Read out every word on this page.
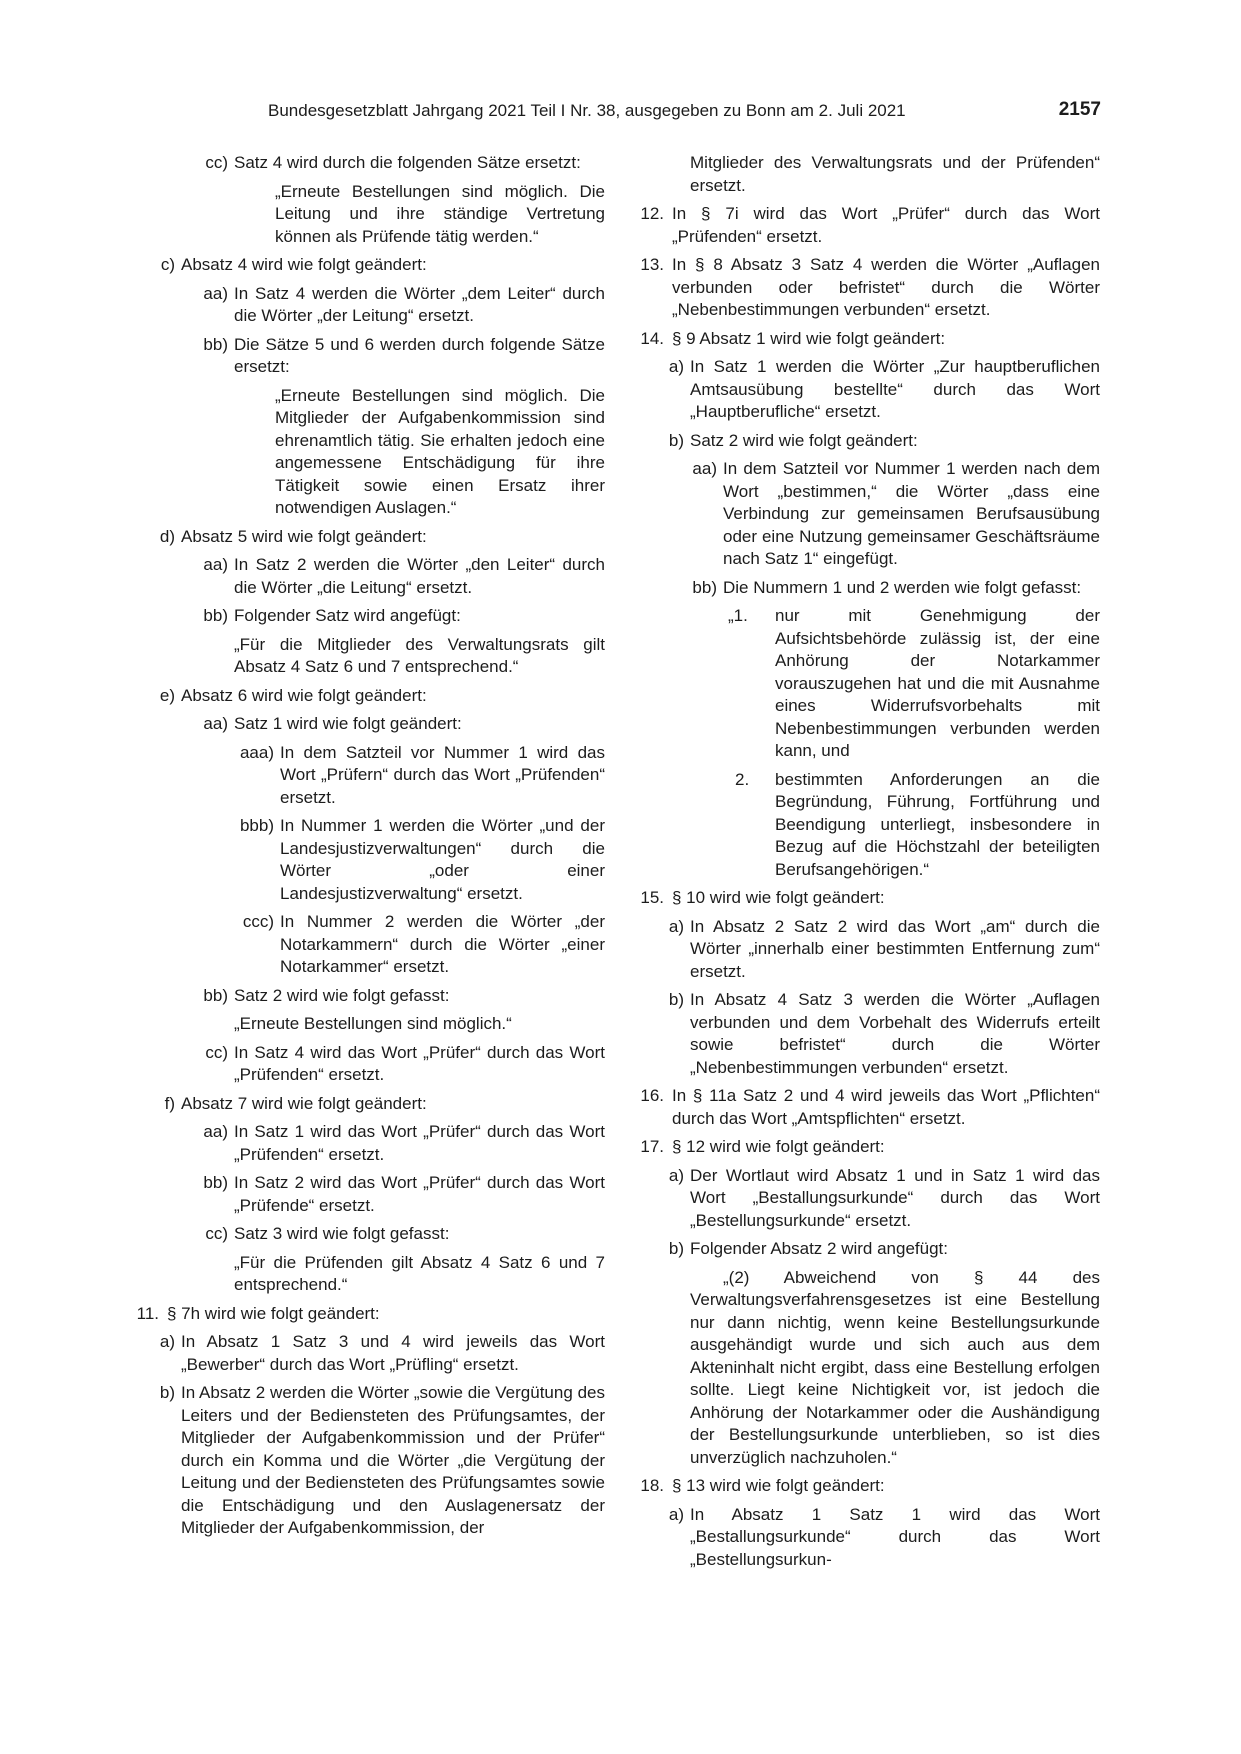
Bundesgesetzblatt Jahrgang 2021 Teil I Nr. 38, ausgegeben zu Bonn am 2. Juli 2021	2157
cc) Satz 4 wird durch die folgenden Sätze ersetzt:
„Erneute Bestellungen sind möglich. Die Leitung und ihre ständige Vertretung können als Prüfende tätig werden.“
c) Absatz 4 wird wie folgt geändert:
aa) In Satz 4 werden die Wörter „dem Leiter“ durch die Wörter „der Leitung“ ersetzt.
bb) Die Sätze 5 und 6 werden durch folgende Sätze ersetzt:
„Erneute Bestellungen sind möglich. Die Mitglieder der Aufgabenkommission sind ehrenamtlich tätig. Sie erhalten jedoch eine angemessene Entschädigung für ihre Tätigkeit sowie einen Ersatz ihrer notwendigen Auslagen.“
d) Absatz 5 wird wie folgt geändert:
aa) In Satz 2 werden die Wörter „den Leiter“ durch die Wörter „die Leitung“ ersetzt.
bb) Folgender Satz wird angefügt:
„Für die Mitglieder des Verwaltungsrats gilt Absatz 4 Satz 6 und 7 entsprechend.“
e) Absatz 6 wird wie folgt geändert:
aa) Satz 1 wird wie folgt geändert:
aaa) In dem Satzteil vor Nummer 1 wird das Wort „Prüfern“ durch das Wort „Prüfenden“ ersetzt.
bbb) In Nummer 1 werden die Wörter „und der Landesjustizverwaltungen“ durch die Wörter „oder einer Landesjustizverwaltung“ ersetzt.
ccc) In Nummer 2 werden die Wörter „der Notarkammern“ durch die Wörter „einer Notarkammer“ ersetzt.
bb) Satz 2 wird wie folgt gefasst:
„Erneute Bestellungen sind möglich.“
cc) In Satz 4 wird das Wort „Prüfer“ durch das Wort „Prüfenden“ ersetzt.
f) Absatz 7 wird wie folgt geändert:
aa) In Satz 1 wird das Wort „Prüfer“ durch das Wort „Prüfenden“ ersetzt.
bb) In Satz 2 wird das Wort „Prüfer“ durch das Wort „Prüfende“ ersetzt.
cc) Satz 3 wird wie folgt gefasst:
„Für die Prüfenden gilt Absatz 4 Satz 6 und 7 entsprechend.“
11. § 7h wird wie folgt geändert:
a) In Absatz 1 Satz 3 und 4 wird jeweils das Wort „Bewerber“ durch das Wort „Prüfling“ ersetzt.
b) In Absatz 2 werden die Wörter „sowie die Vergütung des Leiters und der Bediensteten des Prüfungsamtes, der Mitglieder der Aufgabenkommission und der Prüfer“ durch ein Komma und die Wörter „die Vergütung der Leitung und der Bediensteten des Prüfungsamtes sowie die Entschädigung und den Auslagenersatz der Mitglieder der Aufgabenkommission, der
Mitglieder des Verwaltungsrats und der Prüfenden“ ersetzt.
12. In § 7i wird das Wort „Prüfer“ durch das Wort „Prüfenden“ ersetzt.
13. In § 8 Absatz 3 Satz 4 werden die Wörter „Auflagen verbunden oder befristet“ durch die Wörter „Nebenbestimmungen verbunden“ ersetzt.
14. § 9 Absatz 1 wird wie folgt geändert:
a) In Satz 1 werden die Wörter „Zur hauptberuflichen Amtsausübung bestellte“ durch das Wort „Hauptberufliche“ ersetzt.
b) Satz 2 wird wie folgt geändert:
aa) In dem Satzteil vor Nummer 1 werden nach dem Wort „bestimmen,“ die Wörter „dass eine Verbindung zur gemeinsamen Berufsausübung oder eine Nutzung gemeinsamer Geschäftsräume nach Satz 1“ eingefügt.
bb) Die Nummern 1 und 2 werden wie folgt gefasst:
„1.	nur mit Genehmigung der Aufsichtsbehörde zulässig ist, der eine Anhörung der Notarkammer vorauszugehen hat und die mit Ausnahme eines Widerrufsvorbehalts mit Nebenbestimmungen verbunden werden kann, und
2.	bestimmten Anforderungen an die Begründung, Führung, Fortführung und Beendigung unterliegt, insbesondere in Bezug auf die Höchstzahl der beteiligten Berufsangehörigen.“
15. § 10 wird wie folgt geändert:
a) In Absatz 2 Satz 2 wird das Wort „am“ durch die Wörter „innerhalb einer bestimmten Entfernung zum“ ersetzt.
b) In Absatz 4 Satz 3 werden die Wörter „Auflagen verbunden und dem Vorbehalt des Widerrufs erteilt sowie befristet“ durch die Wörter „Nebenbestimmungen verbunden“ ersetzt.
16. In § 11a Satz 2 und 4 wird jeweils das Wort „Pflichten“ durch das Wort „Amtspflichten“ ersetzt.
17. § 12 wird wie folgt geändert:
a) Der Wortlaut wird Absatz 1 und in Satz 1 wird das Wort „Bestallungsurkunde“ durch das Wort „Bestellungsurkunde“ ersetzt.
b) Folgender Absatz 2 wird angefügt:
„(2) Abweichend von § 44 des Verwaltungsverfahrensgesetzes ist eine Bestellung nur dann nichtig, wenn keine Bestellungsurkunde ausgehändigt wurde und sich auch aus dem Akteninhalt nicht ergibt, dass eine Bestellung erfolgen sollte. Liegt keine Nichtigkeit vor, ist jedoch die Anhörung der Notarkammer oder die Aushändigung der Bestellungsurkunde unterblieben, so ist dies unverzüglich nachzuholen.“
18. § 13 wird wie folgt geändert:
a) In Absatz 1 Satz 1 wird das Wort „Bestallungsurkunde“ durch das Wort „Bestellungsurkun-
